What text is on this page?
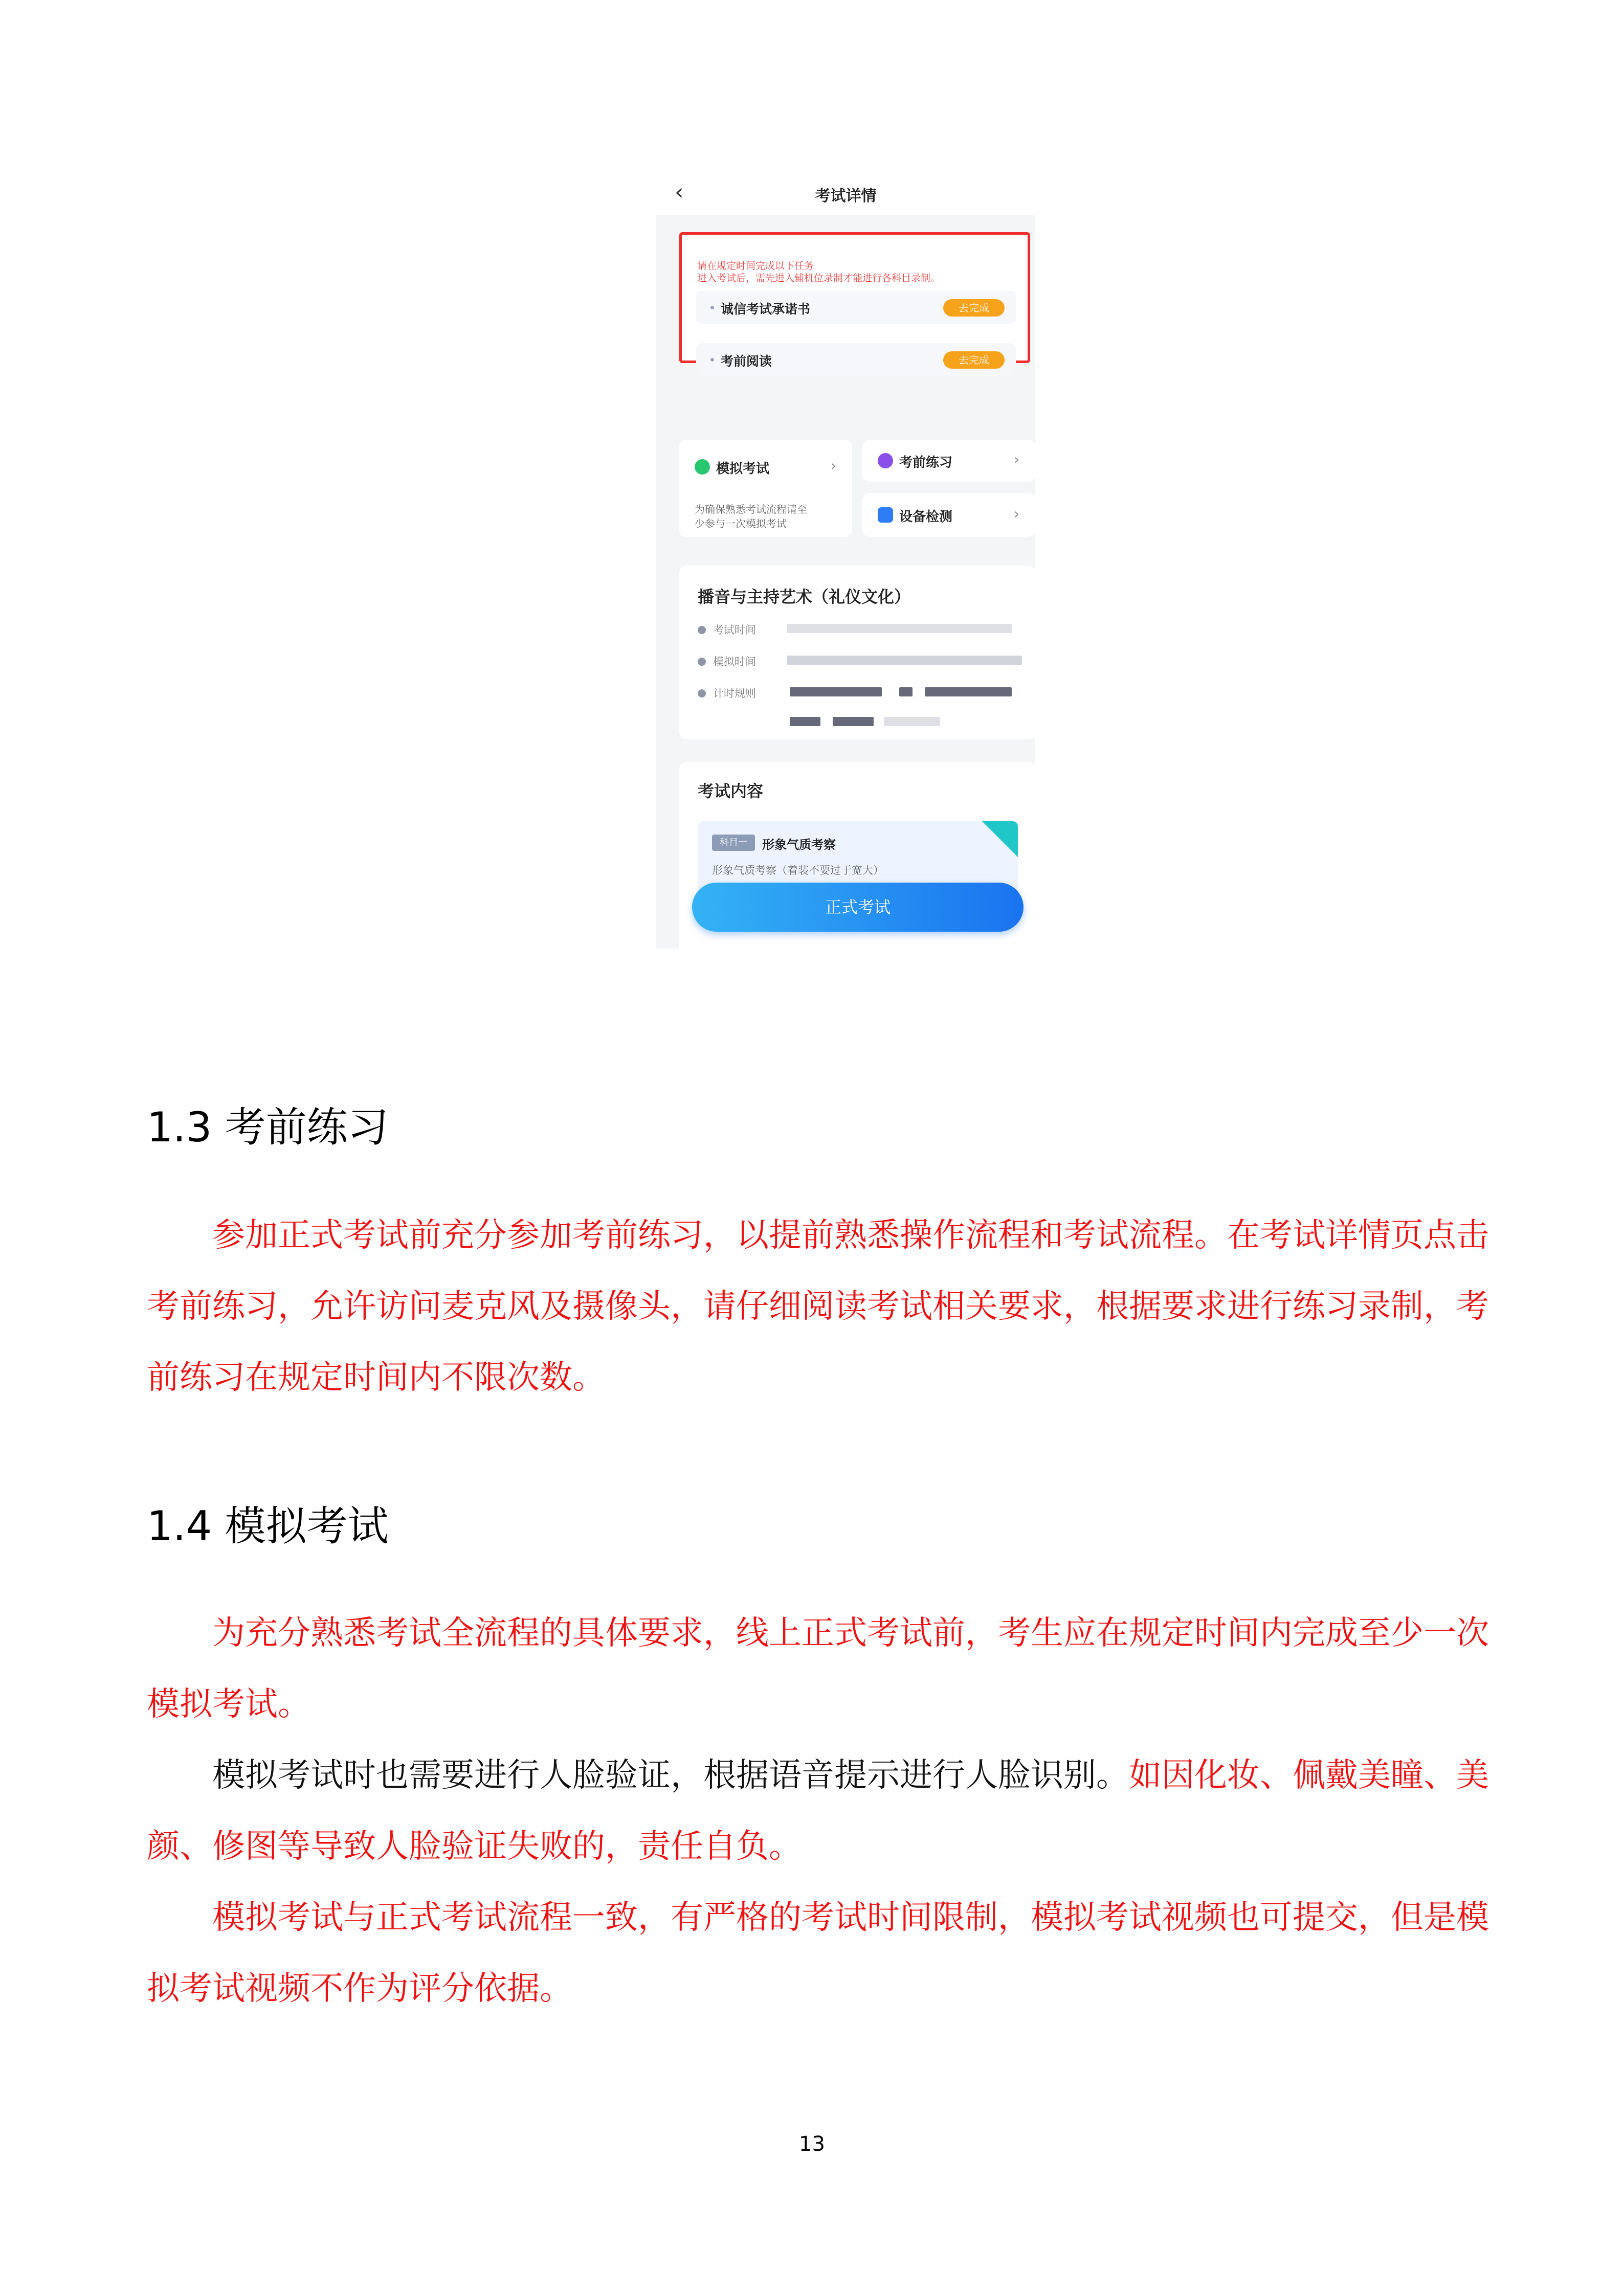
‹	考试详情
请在规定时间完成以下任务
进入考试后，需先进入辅机位录制才能进行各科目录制。
诚信考试承诺书	去完成
考前阅读	去完成
模拟考试	›
为确保熟悉考试流程请至
少参与一次模拟考试
考前练习	›
设备检测	›
播音与主持艺术（礼仪文化）
考试时间
模拟时间
计时规则
考试内容
科目一	形象气质考察
形象气质考察（着装不要过于宽大）
正式考试
1.3 考前练习
参加正式考试前充分参加考前练习，以提前熟悉操作流程和考试流程。在考试详情页点击
考前练习，允许访问麦克风及摄像头，请仔细阅读考试相关要求，根据要求进行练习录制，考
前练习在规定时间内不限次数。
1.4 模拟考试
为充分熟悉考试全流程的具体要求，线上正式考试前，考生应在规定时间内完成至少一次
模拟考试。
模拟考试时也需要进行人脸验证，根据语音提示进行人脸识别。如因化妆、佩戴美瞳、美
颜、修图等导致人脸验证失败的，责任自负。
模拟考试与正式考试流程一致，有严格的考试时间限制，模拟考试视频也可提交，但是模
拟考试视频不作为评分依据。
13
